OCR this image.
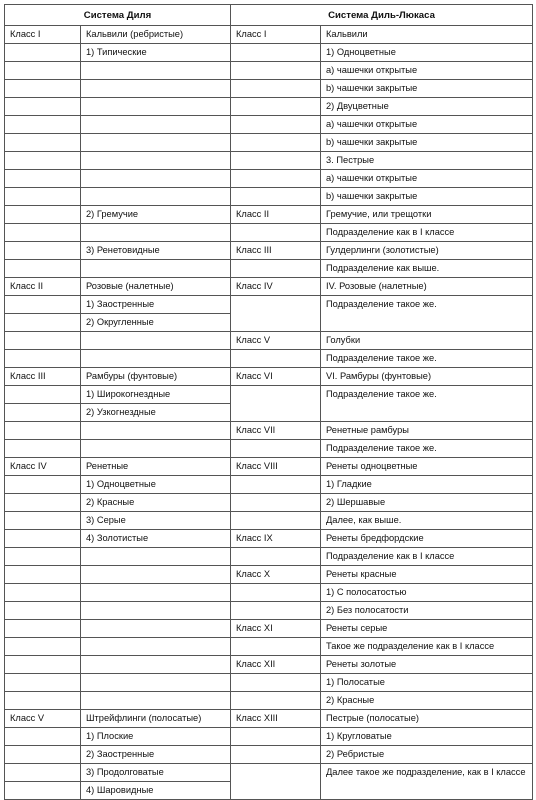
Система Диля		Система Диль-Люкаса	
Класс I	Кальвили (ребристые)	Класс I	Кальвили
	1) Типические		1) Одноцветные
			а) чашечки открытые
			b) чашечки закрытые
			2) Двуцветные
			а) чашечки открытые
			b) чашечки закрытые
			3. Пестрые
			а) чашечки открытые
			b) чашечки закрытые
	2) Гремучие	Класс II	Гремучие, или трещотки
			Подразделение как в I классе
	3) Ренетовидные	Класс III	Гулдерлинги (золотистые)
			Подразделение как выше.
Класс II	Розовые (налетные)	Класс IV	IV. Розовые (налетные)
	1) Заостренные		Подразделение такое же.
	2) Округленные		
		Класс V	Голубки
			Подразделение такое же.
Класс III	Рамбуры (фунтовые)	Класс VI	VI. Рамбуры (фунтовые)
	1) Широкогнездные		Подразделение такое же.
	2) Узкогнездные		
		Класс VII	Ренетные рамбуры
			Подразделение такое же.
Класс IV	Ренетные	Класс VIII	Ренеты одноцветные
	1) Одноцветные		1) Гладкие
	2) Красные		2) Шершавые
	3) Серые		Далее, как выше.
	4) Золотистые	Класс IX	Ренеты бредфордские
			Подразделение как в I классе
		Класс X	Ренеты красные
			1) С полосатостью
			2) Без полосатости
		Класс XI	Ренеты серые
			Такое же подразделение как в I классе
		Класс XII	Ренеты золотые
			1) Полосатые
			2) Красные
Класс V	Штрейфлинги (полосатые)	Класс XIII	Пестрые (полосатые)
	1) Плоские		1) Кругловатые
	2) Заостренные		2) Ребристые
	3) Продолговатые		Далее такое же подразделение, как в I классе
	4) Шаровидные		
